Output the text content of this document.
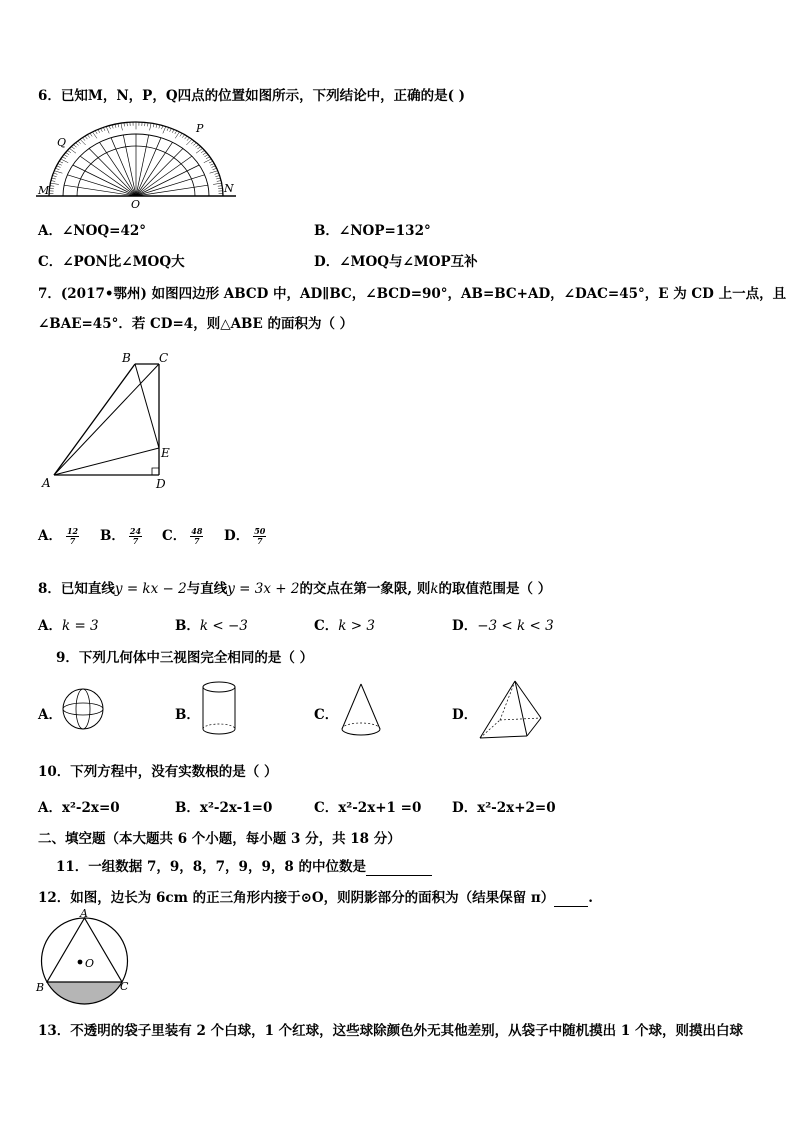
6．已知M，N，P，Q四点的位置如图所示，下列结论中，正确的是( )
M	N
O
P
Q
A．∠NOQ=42°	B．∠NOP=132°
C．∠PON比∠MOQ大	D．∠MOQ与∠MOP互补
7．(2017•鄂州) 如图四边形 ABCD 中，AD∥BC，∠BCD=90°，AB=BC+AD，∠DAC=45°，E 为 CD 上一点，且
∠BAE=45°．若 CD=4，则△ABE 的面积为（ ）
A
B C
D
E
A． $\frac{12}{7}$ B． $\frac{24}{7}$ C． $\frac{48}{7}$ D． $\frac{50}{7}$
8．已知直线y = kx − 2与直线y = 3x + 2的交点在第一象限, 则k的取值范围是（ ）
A．k = 3	B．k < −3	C．k > 3	D．−3 < k < 3
9．下列几何体中三视图完全相同的是（ ）
A．	B．	C．	D．
10．下列方程中，没有实数根的是（ ）
A．x²-2x=0	B．x²-2x-1=0	C．x²-2x+1 =0 D．x²-2x+2=0
二、填空题（本大题共 6 个小题，每小题 3 分，共 18 分）
11．一组数据 7，9，8，7，9，9，8 的中位数是
12．如图，边长为 6cm 的正三角形内接于⊙O，则阴影部分的面积为（结果保留 π）	.
A
B	C
O
13．不透明的袋子里装有 2 个白球，1 个红球，这些球除颜色外无其他差别，从袋子中随机摸出 1 个球，则摸出白球
